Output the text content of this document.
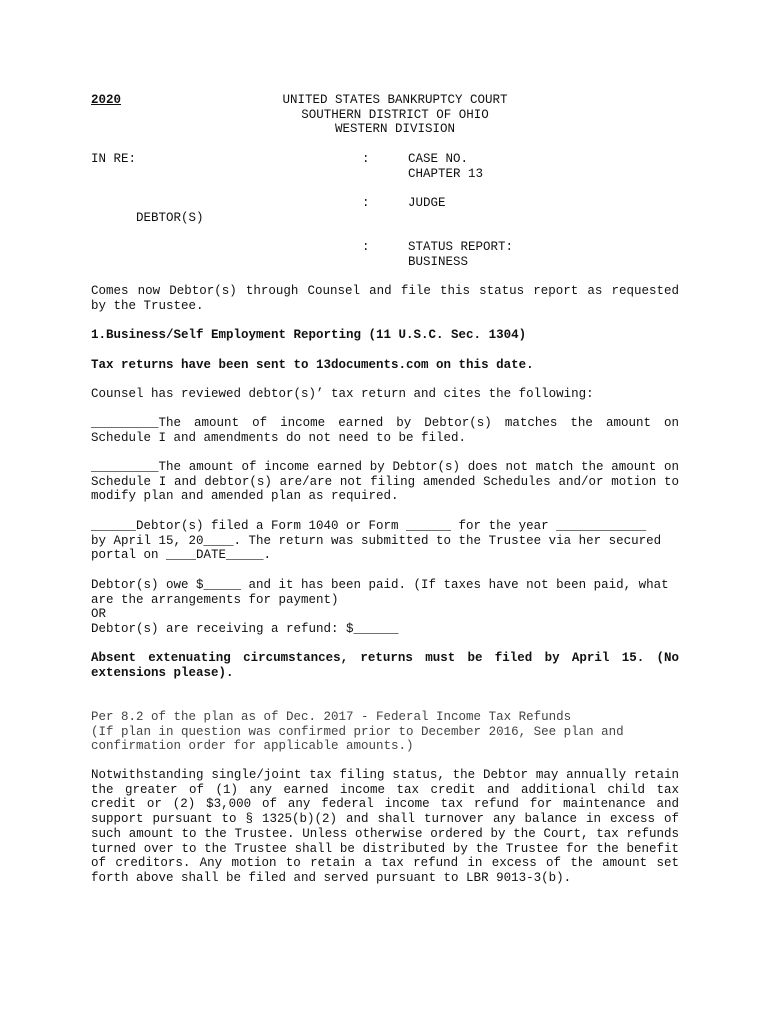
2020	UNITED STATES BANKRUPTCY COURT
SOUTHERN DISTRICT OF OHIO
WESTERN DIVISION
IN RE:	:	CASE NO.
CHAPTER 13
:	JUDGE
DEBTOR(S)
:	STATUS REPORT:
BUSINESS
Comes now Debtor(s) through Counsel and file this status report as requested by the Trustee.
1.Business/Self Employment Reporting (11 U.S.C. Sec. 1304)
Tax returns have been sent to 13documents.com on this date.
Counsel has reviewed debtor(s)’ tax return and cites the following:
_________The amount of income earned by Debtor(s) matches the amount on Schedule I and amendments do not need to be filed.
_________The amount of income earned by Debtor(s) does not match the amount on Schedule I and debtor(s) are/are not filing amended Schedules and/or motion to modify plan and amended plan as required.
______Debtor(s) filed a Form 1040 or Form ______ for the year ____________
by April 15, 20____. The return was submitted to the Trustee via her secured
portal on ____DATE_____.
Debtor(s) owe $_____ and it has been paid. (If taxes have not been paid, what
are the arrangements for payment)
OR
Debtor(s) are receiving a refund: $______
Absent extenuating circumstances, returns must be filed by April 15. (No extensions please).
Per 8.2 of the plan as of Dec. 2017 - Federal Income Tax Refunds
(If plan in question was confirmed prior to December 2016, See plan and
confirmation order for applicable amounts.)
Notwithstanding single/joint tax filing status, the Debtor may annually retain the greater of (1) any earned income tax credit and additional child tax credit or (2) $3,000 of any federal income tax refund for maintenance and support pursuant to § 1325(b)(2) and shall turnover any balance in excess of such amount to the Trustee. Unless otherwise ordered by the Court, tax refunds turned over to the Trustee shall be distributed by the Trustee for the benefit of creditors. Any motion to retain a tax refund in excess of the amount set forth above shall be filed and served pursuant to LBR 9013-3(b).
